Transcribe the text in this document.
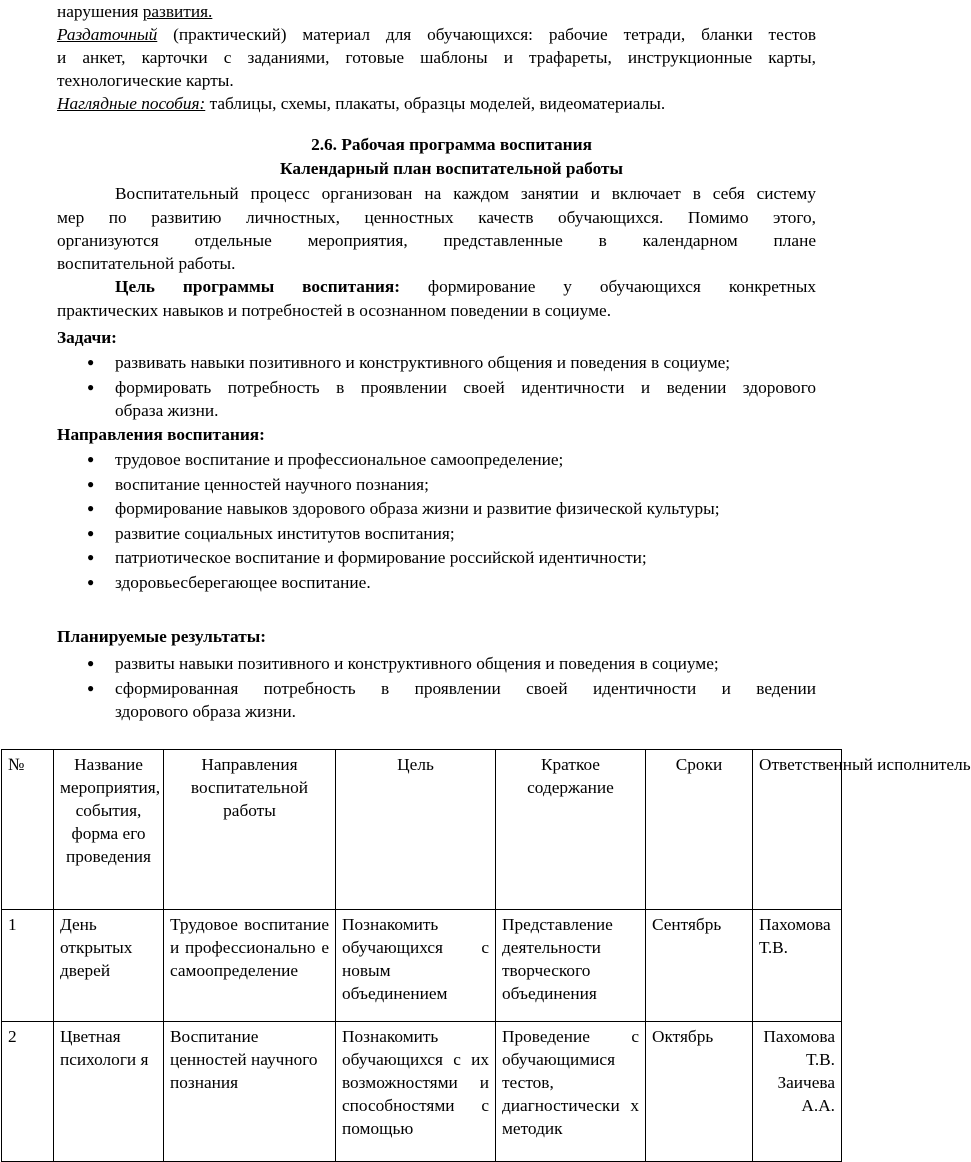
нарушения развития.

Раздаточный (практический) материал для обучающихся: рабочие тетради, бланки тестов

и анкет, карточки с заданиями, готовые шаблоны и трафареты, инструкционные карты,

технологические карты.

Наглядные пособия: таблицы, схемы, плакаты, образцы моделей, видеоматериалы.

2.6. Рабочая программа воспитания

Календарный план воспитательной работы

Воспитательный процесс организован на каждом занятии и включает в себя систему

мер по развитию личностных, ценностных качеств обучающихся. Помимо этого,

организуются отдельные мероприятия, представленные в календарном плане

воспитательной работы.

Цель программы воспитания: формирование у обучающихся конкретных

практических навыков и потребностей в осознанном поведении в социуме.

Задачи:

● развивать навыки позитивного и конструктивного общения и поведения в социуме;
● формировать потребность в проявлении своей идентичности и ведении здорового
образа жизни.

Направления воспитания:

● трудовое воспитание и профессиональное самоопределение;
● воспитание ценностей научного познания;
● формирование навыков здорового образа жизни и развитие физической культуры;
● развитие социальных институтов воспитания;
● патриотическое воспитание и формирование российской идентичности;
● здоровьесберегающее воспитание.

Планируемые результаты:

● развиты навыки позитивного и конструктивного общения и поведения в социуме;
● сформированная потребность в проявлении своей идентичности и ведении
здорового образа жизни.
№	Название мероприятия, события, форма его проведения	Направления воспитательной работы	Цель	Краткое содержание	Сроки	Ответственный исполнитель
1	День открытых дверей	Трудовое воспитание и профессионально е самоопределение	Познакомить обучающихся с новым объединением	Представление деятельности творческого объединения	Сентябрь	Пахомова Т.В.
2	Цветная психологи я	Воспитание ценностей научного познания	Познакомить обучающихся с их возможностями и способностями с помощью	Проведение с обучающимися тестов, диагностически х методик	Октябрь	Пахомова Т.В. Заичева А.А.
